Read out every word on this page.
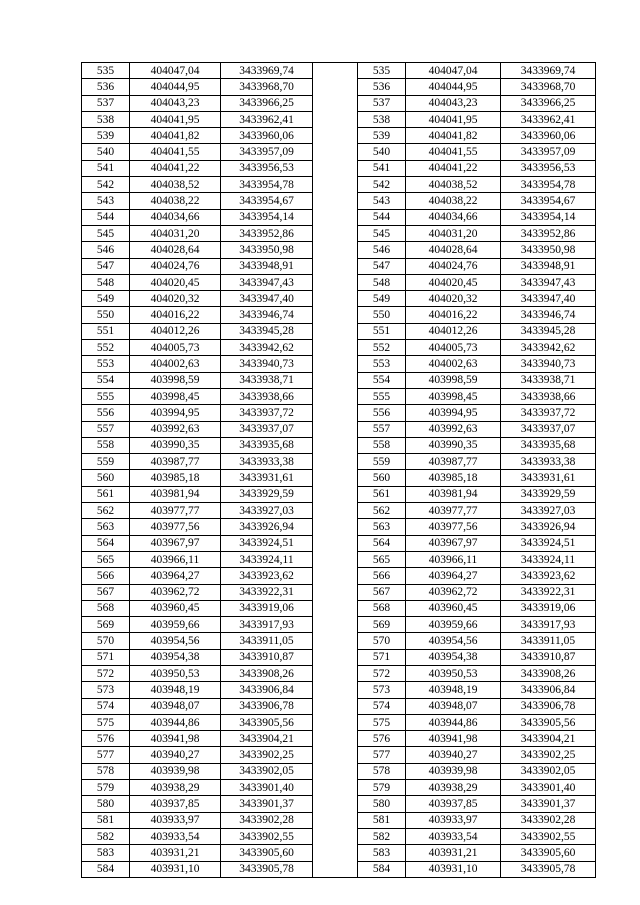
535	404047,04	3433969,74		535	404047,04	3433969,74
536	404044,95	3433968,70		536	404044,95	3433968,70
537	404043,23	3433966,25		537	404043,23	3433966,25
538	404041,95	3433962,41		538	404041,95	3433962,41
539	404041,82	3433960,06		539	404041,82	3433960,06
540	404041,55	3433957,09		540	404041,55	3433957,09
541	404041,22	3433956,53		541	404041,22	3433956,53
542	404038,52	3433954,78		542	404038,52	3433954,78
543	404038,22	3433954,67		543	404038,22	3433954,67
544	404034,66	3433954,14		544	404034,66	3433954,14
545	404031,20	3433952,86		545	404031,20	3433952,86
546	404028,64	3433950,98		546	404028,64	3433950,98
547	404024,76	3433948,91		547	404024,76	3433948,91
548	404020,45	3433947,43		548	404020,45	3433947,43
549	404020,32	3433947,40		549	404020,32	3433947,40
550	404016,22	3433946,74		550	404016,22	3433946,74
551	404012,26	3433945,28		551	404012,26	3433945,28
552	404005,73	3433942,62		552	404005,73	3433942,62
553	404002,63	3433940,73		553	404002,63	3433940,73
554	403998,59	3433938,71		554	403998,59	3433938,71
555	403998,45	3433938,66		555	403998,45	3433938,66
556	403994,95	3433937,72		556	403994,95	3433937,72
557	403992,63	3433937,07		557	403992,63	3433937,07
558	403990,35	3433935,68		558	403990,35	3433935,68
559	403987,77	3433933,38		559	403987,77	3433933,38
560	403985,18	3433931,61		560	403985,18	3433931,61
561	403981,94	3433929,59		561	403981,94	3433929,59
562	403977,77	3433927,03		562	403977,77	3433927,03
563	403977,56	3433926,94		563	403977,56	3433926,94
564	403967,97	3433924,51		564	403967,97	3433924,51
565	403966,11	3433924,11		565	403966,11	3433924,11
566	403964,27	3433923,62		566	403964,27	3433923,62
567	403962,72	3433922,31		567	403962,72	3433922,31
568	403960,45	3433919,06		568	403960,45	3433919,06
569	403959,66	3433917,93		569	403959,66	3433917,93
570	403954,56	3433911,05		570	403954,56	3433911,05
571	403954,38	3433910,87		571	403954,38	3433910,87
572	403950,53	3433908,26		572	403950,53	3433908,26
573	403948,19	3433906,84		573	403948,19	3433906,84
574	403948,07	3433906,78		574	403948,07	3433906,78
575	403944,86	3433905,56		575	403944,86	3433905,56
576	403941,98	3433904,21		576	403941,98	3433904,21
577	403940,27	3433902,25		577	403940,27	3433902,25
578	403939,98	3433902,05		578	403939,98	3433902,05
579	403938,29	3433901,40		579	403938,29	3433901,40
580	403937,85	3433901,37		580	403937,85	3433901,37
581	403933,97	3433902,28		581	403933,97	3433902,28
582	403933,54	3433902,55		582	403933,54	3433902,55
583	403931,21	3433905,60		583	403931,21	3433905,60
584	403931,10	3433905,78		584	403931,10	3433905,78
